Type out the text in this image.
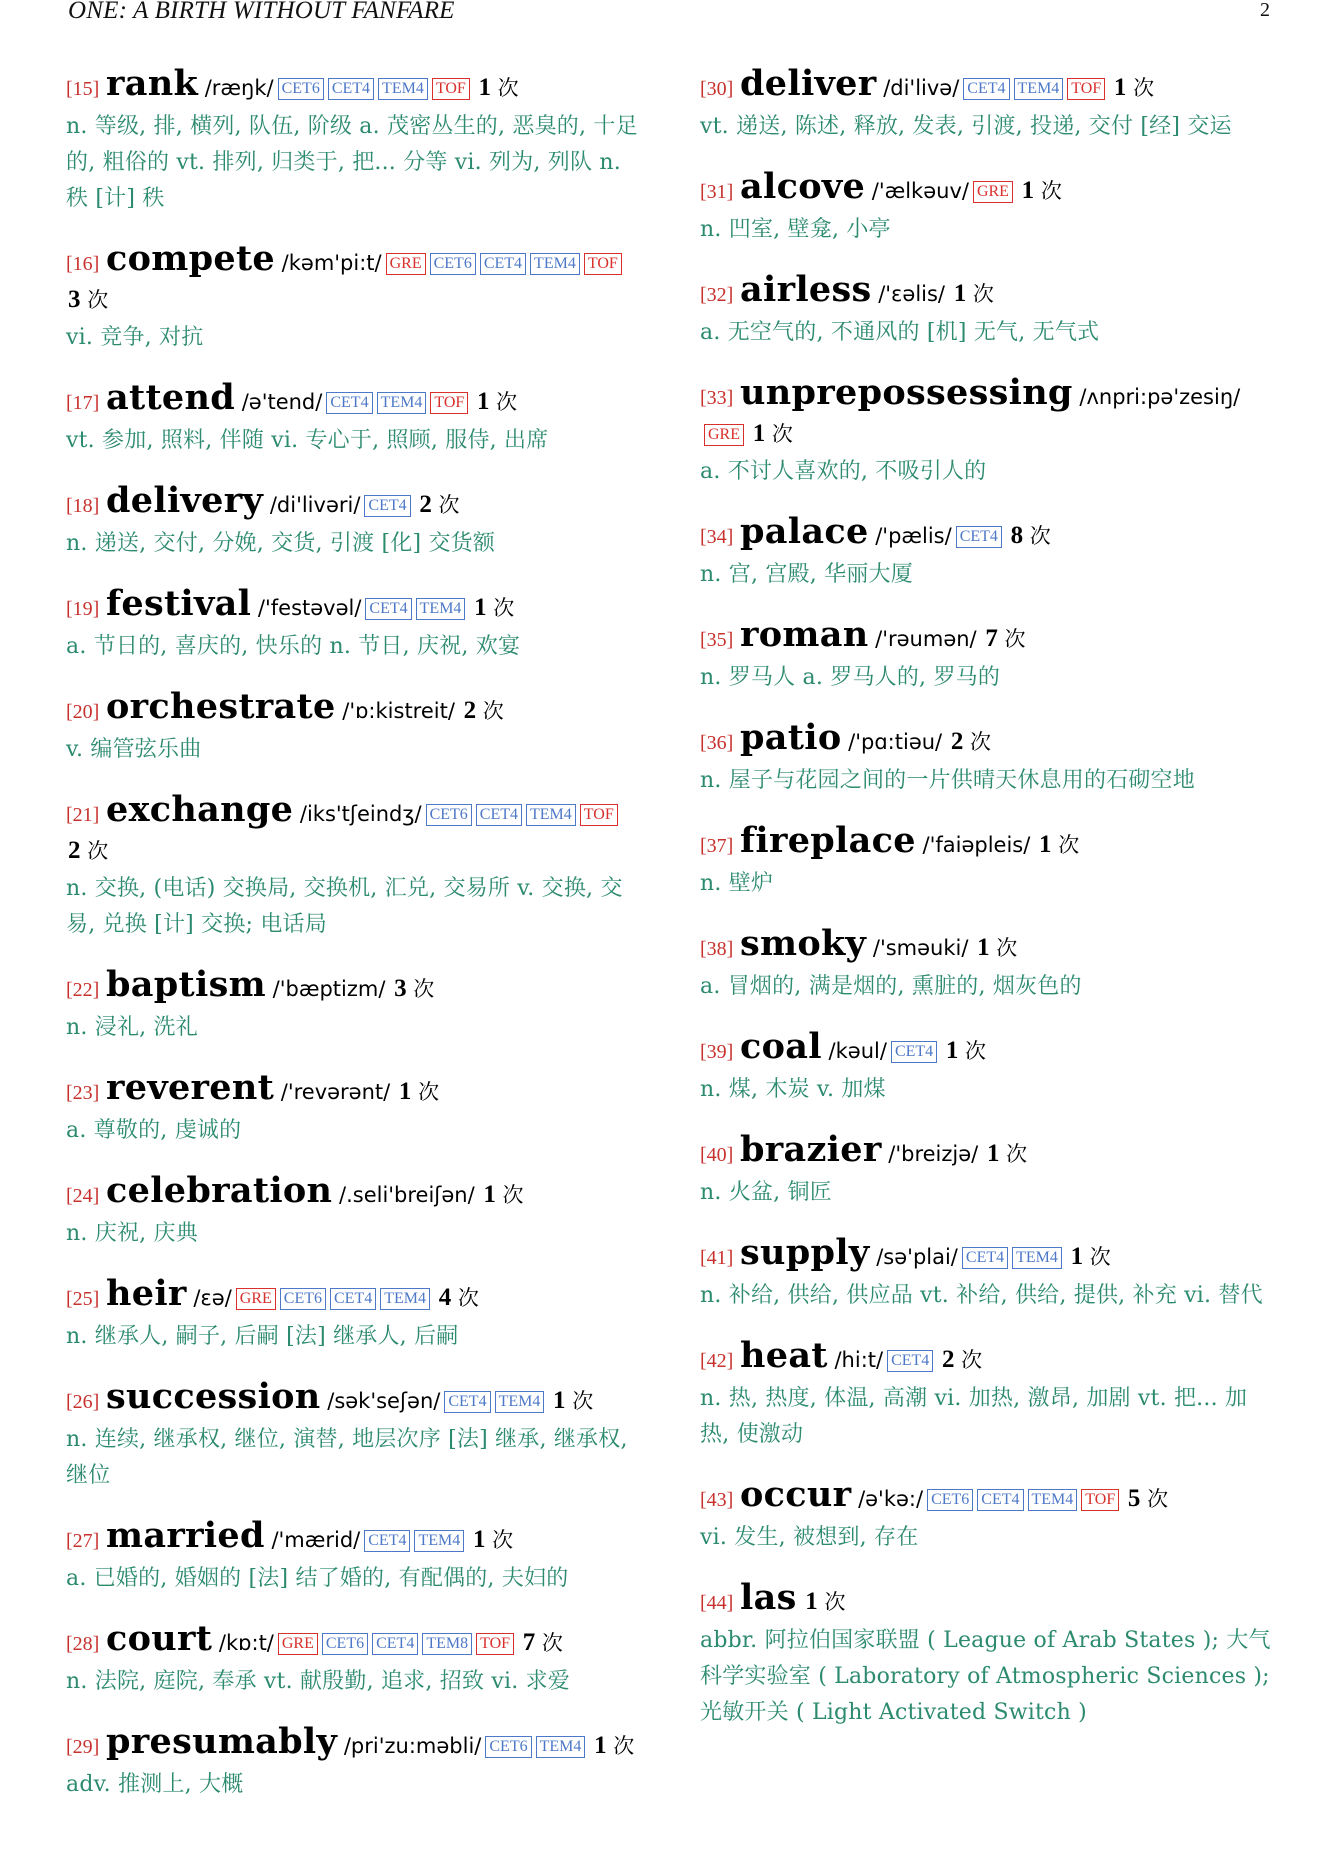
ONE: A BIRTH WITHOUT FANFARE	2
[15] rank /ræŋk/ CET6 CET4 TEM4 TOF 1 次
n. 等级, 排, 横列, 队伍, 阶级 a. 茂密丛生的, 恶臭的, 十足的, 粗俗的 vt. 排列, 归类于, 把... 分等 vi. 列为, 列队 n. 秩 [计] 秩
[16] compete /kəm'pi:t/ GRE CET6 CET4 TEM4 TOF 3 次
vi. 竞争, 对抗
[17] attend /ə'tend/ CET4 TEM4 TOF 1 次
vt. 参加, 照料, 伴随 vi. 专心于, 照顾, 服侍, 出席
[18] delivery /di'livəri/ CET4 2 次
n. 递送, 交付, 分娩, 交货, 引渡 [化] 交货额
[19] festival /'festəvəl/ CET4 TEM4 1 次
a. 节日的, 喜庆的, 快乐的 n. 节日, 庆祝, 欢宴
[20] orchestrate /'ɒ:kistreit/ 2 次
v. 编管弦乐曲
[21] exchange /iks'tʃeindʒ/ CET6 CET4 TEM4 TOF 2 次
n. 交换, (电话) 交换局, 交换机, 汇兑, 交易所 v. 交换, 交易, 兑换 [计] 交换; 电话局
[22] baptism /'bæptizm/ 3 次
n. 浸礼, 洗礼
[23] reverent /'revərənt/ 1 次
a. 尊敬的, 虔诚的
[24] celebration /.seli'breiʃən/ 1 次
n. 庆祝, 庆典
[25] heir /εə/ GRE CET6 CET4 TEM4 4 次
n. 继承人, 嗣子, 后嗣 [法] 继承人, 后嗣
[26] succession /sək'seʃən/ CET4 TEM4 1 次
n. 连续, 继承权, 继位, 演替, 地层次序 [法] 继承, 继承权, 继位
[27] married /'mærid/ CET4 TEM4 1 次
a. 已婚的, 婚姻的 [法] 结了婚的, 有配偶的, 夫妇的
[28] court /kɒ:t/ GRE CET6 CET4 TEM8 TOF 7 次
n. 法院, 庭院, 奉承 vt. 献殷勤, 追求, 招致 vi. 求爱
[29] presumably /pri'zu:məbli/ CET6 TEM4 1 次
adv. 推测上, 大概
[30] deliver /di'livə/ CET4 TEM4 TOF 1 次
vt. 递送, 陈述, 释放, 发表, 引渡, 投递, 交付 [经] 交运
[31] alcove /'ælkəuv/ GRE 1 次
n. 凹室, 壁龛, 小亭
[32] airless /'εəlis/ 1 次
a. 无空气的, 不通风的 [机] 无气, 无气式
[33] unprepossessing /ʌnpri:pə'zesiŋ/GRE 1 次
a. 不讨人喜欢的, 不吸引人的
[34] palace /'pælis/ CET4 8 次
n. 宫, 宫殿, 华丽大厦
[35] roman /'rəumən/ 7 次
n. 罗马人 a. 罗马人的, 罗马的
[36] patio /'pɑ:tiəu/ 2 次
n. 屋子与花园之间的一片供晴天休息用的石砌空地
[37] fireplace /'faiəpleis/ 1 次
n. 壁炉
[38] smoky /'sməuki/ 1 次
a. 冒烟的, 满是烟的, 熏脏的, 烟灰色的
[39] coal /kəul/ CET4 1 次
n. 煤, 木炭 v. 加煤
[40] brazier /'breizjə/ 1 次
n. 火盆, 铜匠
[41] supply /sə'plai/ CET4 TEM4 1 次
n. 补给, 供给, 供应品 vt. 补给, 供给, 提供, 补充 vi. 替代
[42] heat /hi:t/ CET4 2 次
n. 热, 热度, 体温, 高潮 vi. 加热, 激昂, 加剧 vt. 把... 加热, 使激动
[43] occur /ə'kə:/ CET6 CET4 TEM4 TOF 5 次
vi. 发生, 被想到, 存在
[44] las 1 次
abbr. 阿拉伯国家联盟 ( League of Arab States ); 大气科学实验室 ( Laboratory of Atmospheric Sciences ); 光敏开关 ( Light Activated Switch )
